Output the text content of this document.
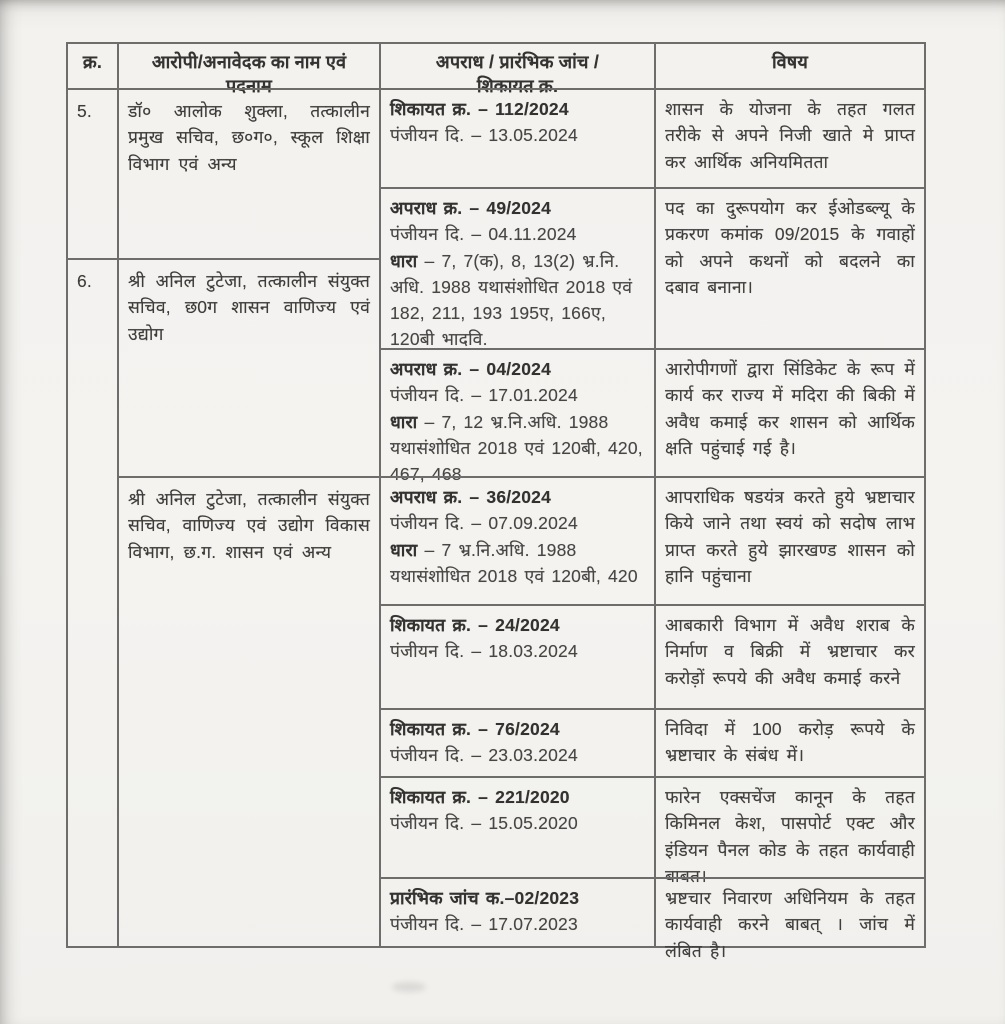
क्र.	आरोपी/अनावेदक का नाम एवं पदनाम
अपराध / प्रारंभिक जांच / शिकायत क्र.
विषय
5.
6.
डॉ० आलोक शुक्ला, तत्कालीन प्रमुख सचिव, छ०ग०, स्कूल शिक्षा विभाग एवं अन्य
श्री अनिल टुटेजा, तत्कालीन संयुक्त सचिव, छ0ग शासन वाणिज्य एवं उद्योग
श्री अनिल टुटेजा, तत्कालीन संयुक्त सचिव, वाणिज्य एवं उद्योग विकास विभाग, छ.ग. शासन एवं अन्य
शिकायत क्र. – 112/2024
पंजीयन दि. – 13.05.2024
अपराध क्र. – 49/2024
पंजीयन दि. – 04.11.2024
धारा – 7, 7(क), 8, 13(2) भ्र.नि. अधि. 1988 यथासंशोधित 2018 एवं 182, 211, 193 195ए, 166ए, 120बी भादवि.
अपराध क्र. – 04/2024
पंजीयन दि. – 17.01.2024
धारा – 7, 12 भ्र.नि.अधि. 1988 यथासंशोधित 2018 एवं 120बी, 420, 467, 468
अपराध क्र. – 36/2024
पंजीयन दि. – 07.09.2024
धारा – 7 भ्र.नि.अधि. 1988 यथासंशोधित 2018 एवं 120बी, 420
शिकायत क्र. – 24/2024
पंजीयन दि. – 18.03.2024
शिकायत क्र. – 76/2024
पंजीयन दि. – 23.03.2024
शिकायत क्र. – 221/2020
पंजीयन दि. – 15.05.2020
प्रारंभिक जांच क.–02/2023
पंजीयन दि. – 17.07.2023
शासन के योजना के तहत गलत तरीके से अपने निजी खाते मे प्राप्त कर आर्थिक अनियमितता
पद का दुरूपयोग कर ईओडब्ल्यू के प्रकरण कमांक 09/2015 के गवाहों को अपने कथनों को बदलने का दबाव बनाना।
आरोपीगणों द्वारा सिंडिकेट के रूप में कार्य कर राज्य में मदिरा की बिकी में अवैध कमाई कर शासन को आर्थिक क्षति पहुंचाई गई है।
आपराधिक षडयंत्र करते हुये भ्रष्टाचार किये जाने तथा स्वयं को सदोष लाभ प्राप्त करते हुये झारखण्ड शासन को हानि पहुंचाना
आबकारी विभाग में अवैध शराब के निर्माण व बिक्री में भ्रष्टाचार कर करोड़ों रूपये की अवैध कमाई करने
निविदा में 100 करोड़ रूपये के भ्रष्टाचार के संबंध में।
फारेन एक्सचेंज कानून के तहत किमिनल केश, पासपोर्ट एक्ट और इंडियन पैनल कोड के तहत कार्यवाही बाबत।
भ्रष्टचार निवारण अधिनियम के तहत कार्यवाही करने बाबत् । जांच में लंबित है।
